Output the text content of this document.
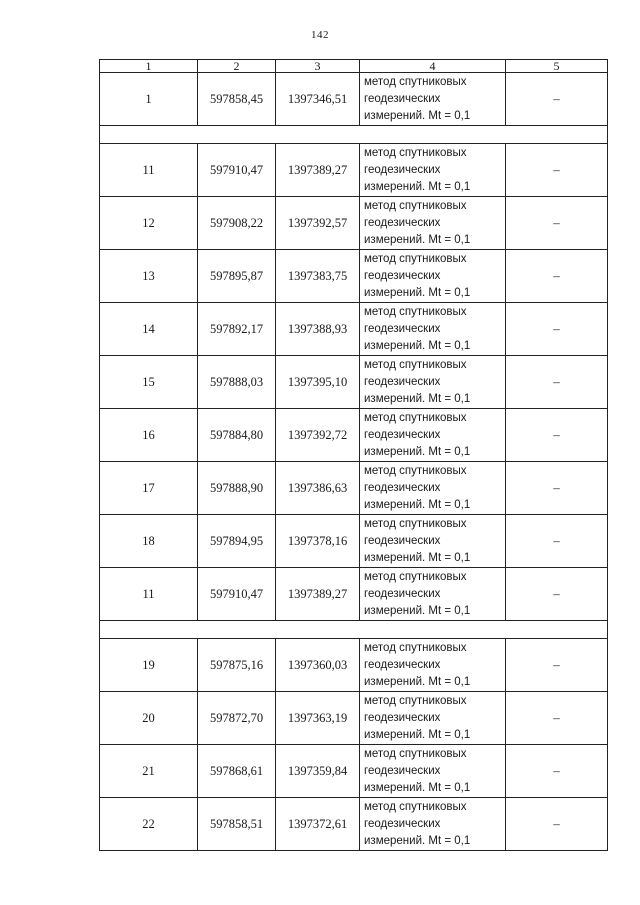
142
1	2	3	4	5
1	597858,45	1397346,51	метод спутниковых
геодезических
измерений. Mt = 0,1	–

11	597910,47	1397389,27	метод спутниковых
геодезических
измерений. Mt = 0,1	–
12	597908,22	1397392,57	метод спутниковых
геодезических
измерений. Mt = 0,1	–
13	597895,87	1397383,75	метод спутниковых
геодезических
измерений. Mt = 0,1	–
14	597892,17	1397388,93	метод спутниковых
геодезических
измерений. Mt = 0,1	–
15	597888,03	1397395,10	метод спутниковых
геодезических
измерений. Mt = 0,1	–
16	597884,80	1397392,72	метод спутниковых
геодезических
измерений. Mt = 0,1	–
17	597888,90	1397386,63	метод спутниковых
геодезических
измерений. Mt = 0,1	–
18	597894,95	1397378,16	метод спутниковых
геодезических
измерений. Mt = 0,1	–
11	597910,47	1397389,27	метод спутниковых
геодезических
измерений. Mt = 0,1	–

19	597875,16	1397360,03	метод спутниковых
геодезических
измерений. Mt = 0,1	–
20	597872,70	1397363,19	метод спутниковых
геодезических
измерений. Mt = 0,1	–
21	597868,61	1397359,84	метод спутниковых
геодезических
измерений. Mt = 0,1	–
22	597858,51	1397372,61	метод спутниковых
геодезических
измерений. Mt = 0,1	–
